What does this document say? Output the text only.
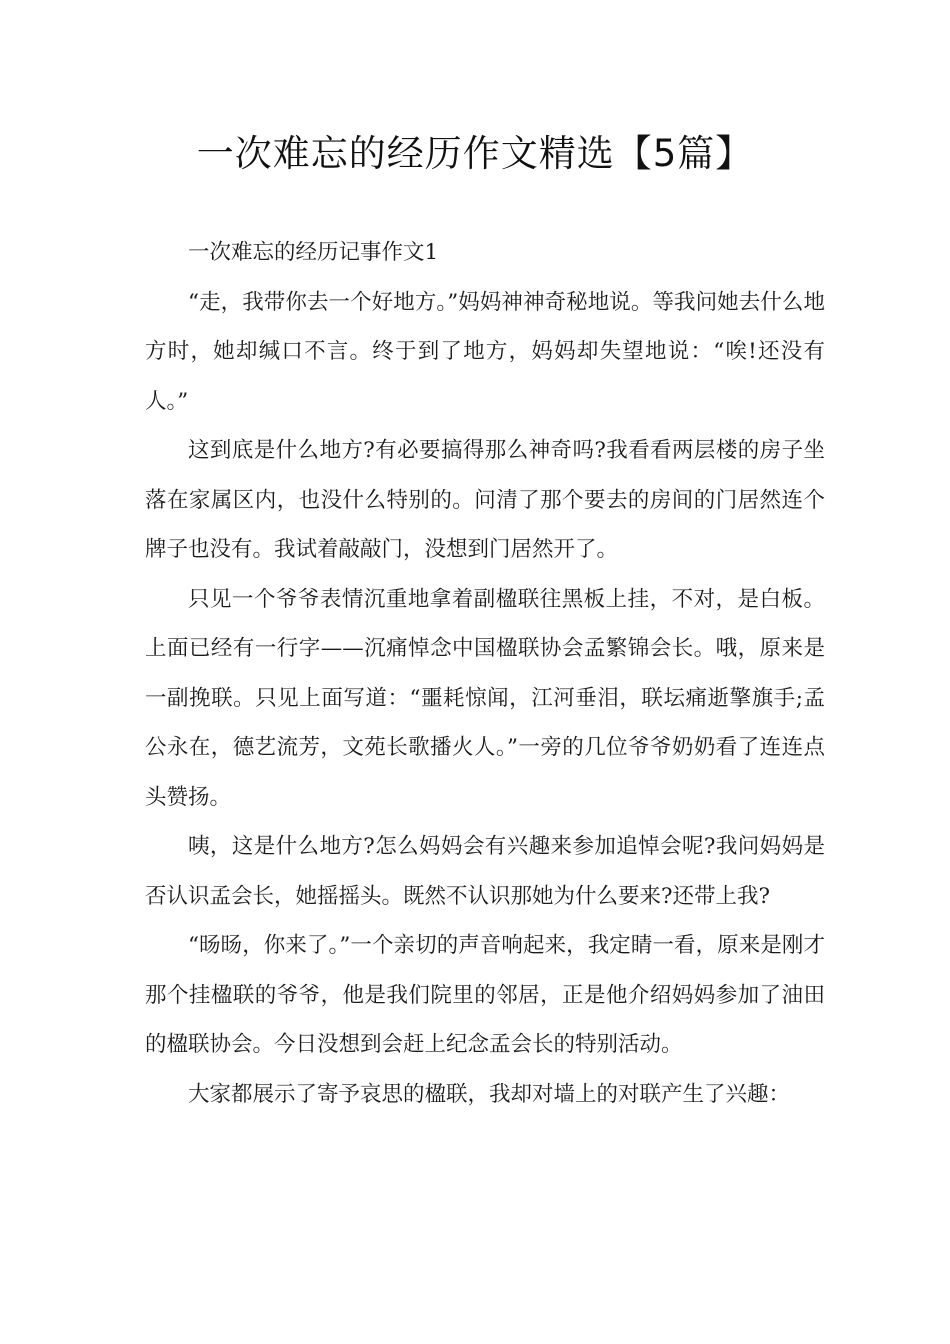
一次难忘的经历作文精选【5篇】

一次难忘的经历记事作文1

“走，我带你去一个好地方。”妈妈神神奇秘地说。等我问她去什么地方时，她却缄口不言。终于到了地方，妈妈却失望地说：“唉!还没有人。”

这到底是什么地方?有必要搞得那么神奇吗?我看看两层楼的房子坐落在家属区内，也没什么特别的。问清了那个要去的房间的门居然连个牌子也没有。我试着敲敲门，没想到门居然开了。

只见一个爷爷表情沉重地拿着副楹联往黑板上挂，不对，是白板。上面已经有一行字——沉痛悼念中国楹联协会孟繁锦会长。哦，原来是一副挽联。只见上面写道：“噩耗惊闻，江河垂泪，联坛痛逝擎旗手;孟公永在，德艺流芳，文苑长歌播火人。”一旁的几位爷爷奶奶看了连连点头赞扬。

咦，这是什么地方?怎么妈妈会有兴趣来参加追悼会呢?我问妈妈是否认识孟会长，她摇摇头。既然不认识那她为什么要来?还带上我?

“旸旸，你来了。”一个亲切的声音响起来，我定睛一看，原来是刚才那个挂楹联的爷爷，他是我们院里的邻居，正是他介绍妈妈参加了油田的楹联协会。今日没想到会赶上纪念孟会长的特别活动。

大家都展示了寄予哀思的楹联，我却对墙上的对联产生了兴趣：
